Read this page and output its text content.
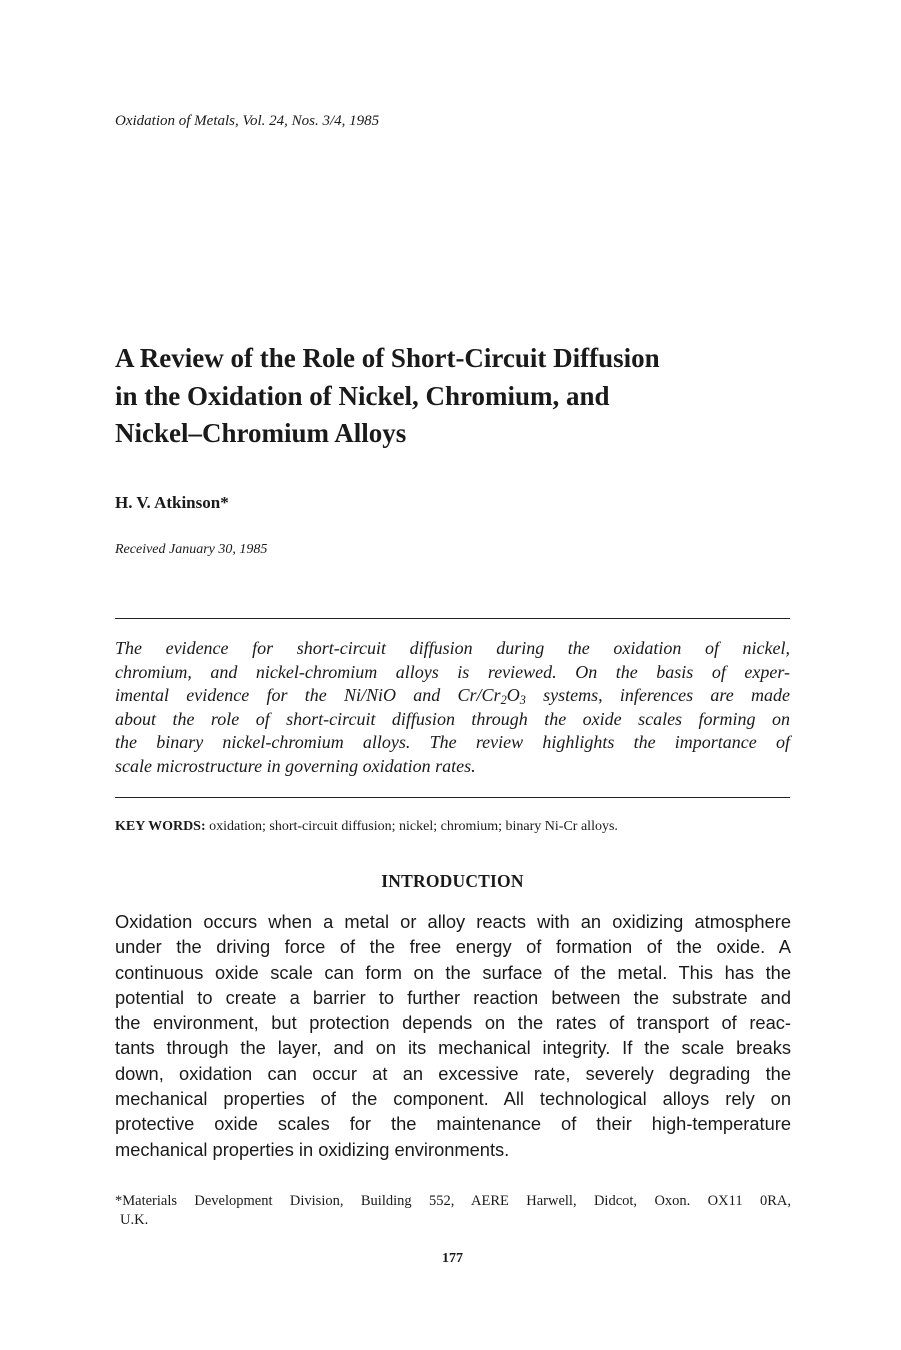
Oxidation of Metals, Vol. 24, Nos. 3/4, 1985
A Review of the Role of Short-Circuit Diffusion
in the Oxidation of Nickel, Chromium, and
Nickel–Chromium Alloys
H. V. Atkinson*
Received January 30, 1985
The evidence for short-circuit diffusion during the oxidation of nickel,
chromium, and nickel-chromium alloys is reviewed. On the basis of exper-
imental evidence for the Ni/NiO and $Cr/Cr_2O_3$ systems, inferences are made
about the role of short-circuit diffusion through the oxide scales forming on
the binary nickel-chromium alloys. The review highlights the importance of
scale microstructure in governing oxidation rates.
KEY WORDS: oxidation; short-circuit diffusion; nickel; chromium; binary Ni-Cr alloys.
INTRODUCTION
Oxidation occurs when a metal or alloy reacts with an oxidizing atmosphere
under the driving force of the free energy of formation of the oxide. A
continuous oxide scale can form on the surface of the metal. This has the
potential to create a barrier to further reaction between the substrate and
the environment, but protection depends on the rates of transport of reac-
tants through the layer, and on its mechanical integrity. If the scale breaks
down, oxidation can occur at an excessive rate, severely degrading the
mechanical properties of the component. All technological alloys rely on
protective oxide scales for the maintenance of their high-temperature
mechanical properties in oxidizing environments.
*Materials Development Division, Building 552, AERE Harwell, Didcot, Oxon. OX11 0RA,
U.K.
177
